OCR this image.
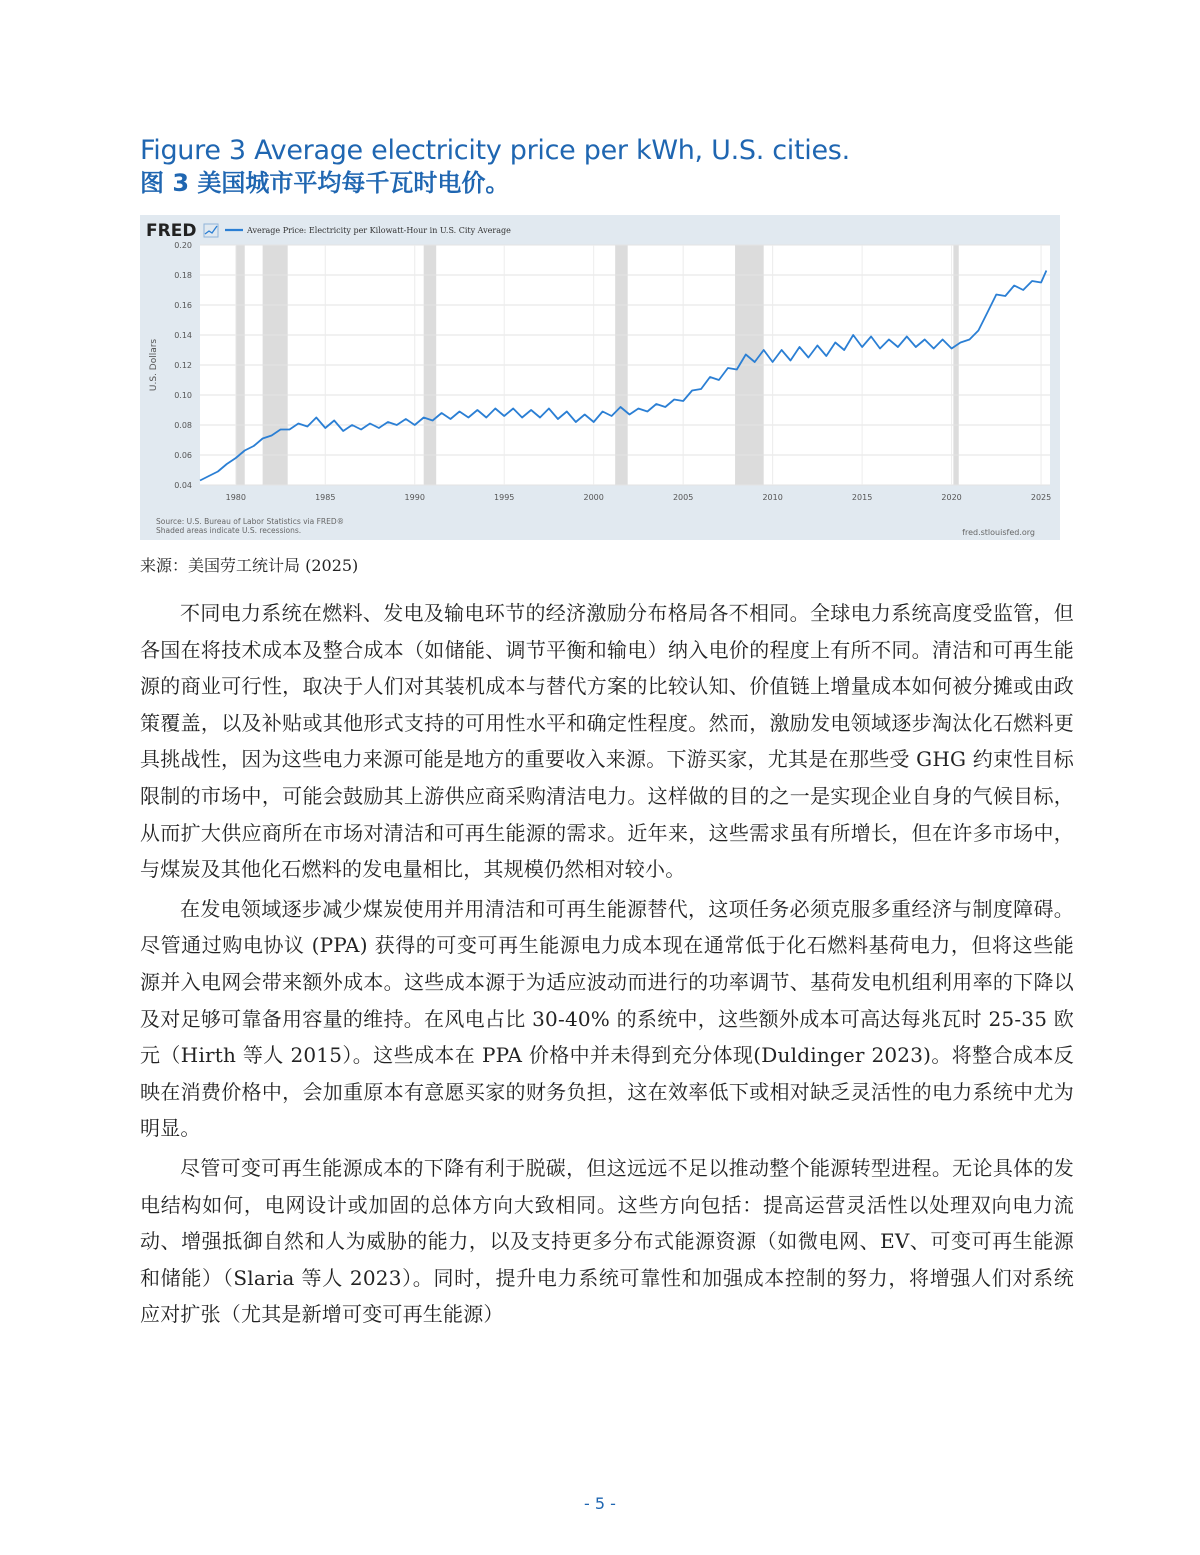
Figure 3 Average electricity price per kWh, U.S. cities.
图 3 美国城市平均每千瓦时电价。
FRED	Average Price: Electricity per Kilowatt-Hour in U.S. City Average
0.04
0.06
0.08
0.10
0.12
0.14
0.16
0.18
0.20
1980	1985	1990	1995	2000	2005	2010	2015	2020	2025
U.S. Dollars
Source: U.S. Bureau of Labor Statistics via FRED®
Shaded areas indicate U.S. recessions.	fred.stlouisfed.org
来源：美国劳工统计局 (2025)

不同电力系统在燃料、发电及输电环节的经济激励分布格局各不相同。全球电力系统高度受监管，但各国在将技术成本及整合成本（如储能、调节平衡和输电）纳入电价的程度上有所不同。清洁和可再生能源的商业可行性，取决于人们对其装机成本与替代方案的比较认知、价值链上增量成本如何被分摊或由政策覆盖，以及补贴或其他形式支持的可用性水平和确定性程度。然而，激励发电领域逐步淘汰化石燃料更具挑战性，因为这些电力来源可能是地方的重要收入来源。下游买家，尤其是在那些受 GHG 约束性目标限制的市场中，可能会鼓励其上游供应商采购清洁电力。这样做的目的之一是实现企业自身的气候目标，从而扩大供应商所在市场对清洁和可再生能源的需求。近年来，这些需求虽有所增长，但在许多市场中，与煤炭及其他化石燃料的发电量相比，其规模仍然相对较小。

在发电领域逐步减少煤炭使用并用清洁和可再生能源替代，这项任务必须克服多重经济与制度障碍。尽管通过购电协议 (PPA) 获得的可变可再生能源电力成本现在通常低于化石燃料基荷电力，但将这些能源并入电网会带来额外成本。这些成本源于为适应波动而进行的功率调节、基荷发电机组利用率的下降以及对足够可靠备用容量的维持。在风电占比 30-40% 的系统中，这些额外成本可高达每兆瓦时 25-35 欧元（Hirth 等人 2015）。这些成本在 PPA 价格中并未得到充分体现(Duldinger 2023)。将整合成本反映在消费价格中，会加重原本有意愿买家的财务负担，这在效率低下或相对缺乏灵活性的电力系统中尤为明显。

尽管可变可再生能源成本的下降有利于脱碳，但这远远不足以推动整个能源转型进程。无论具体的发电结构如何，电网设计或加固的总体方向大致相同。这些方向包括：提高运营灵活性以处理双向电力流动、增强抵御自然和人为威胁的能力，以及支持更多分布式能源资源（如微电网、EV、可变可再生能源和储能）（Slaria 等人 2023）。同时，提升电力系统可靠性和加强成本控制的努力，将增强人们对系统应对扩张（尤其是新增可变可再生能源）

- 5 -
